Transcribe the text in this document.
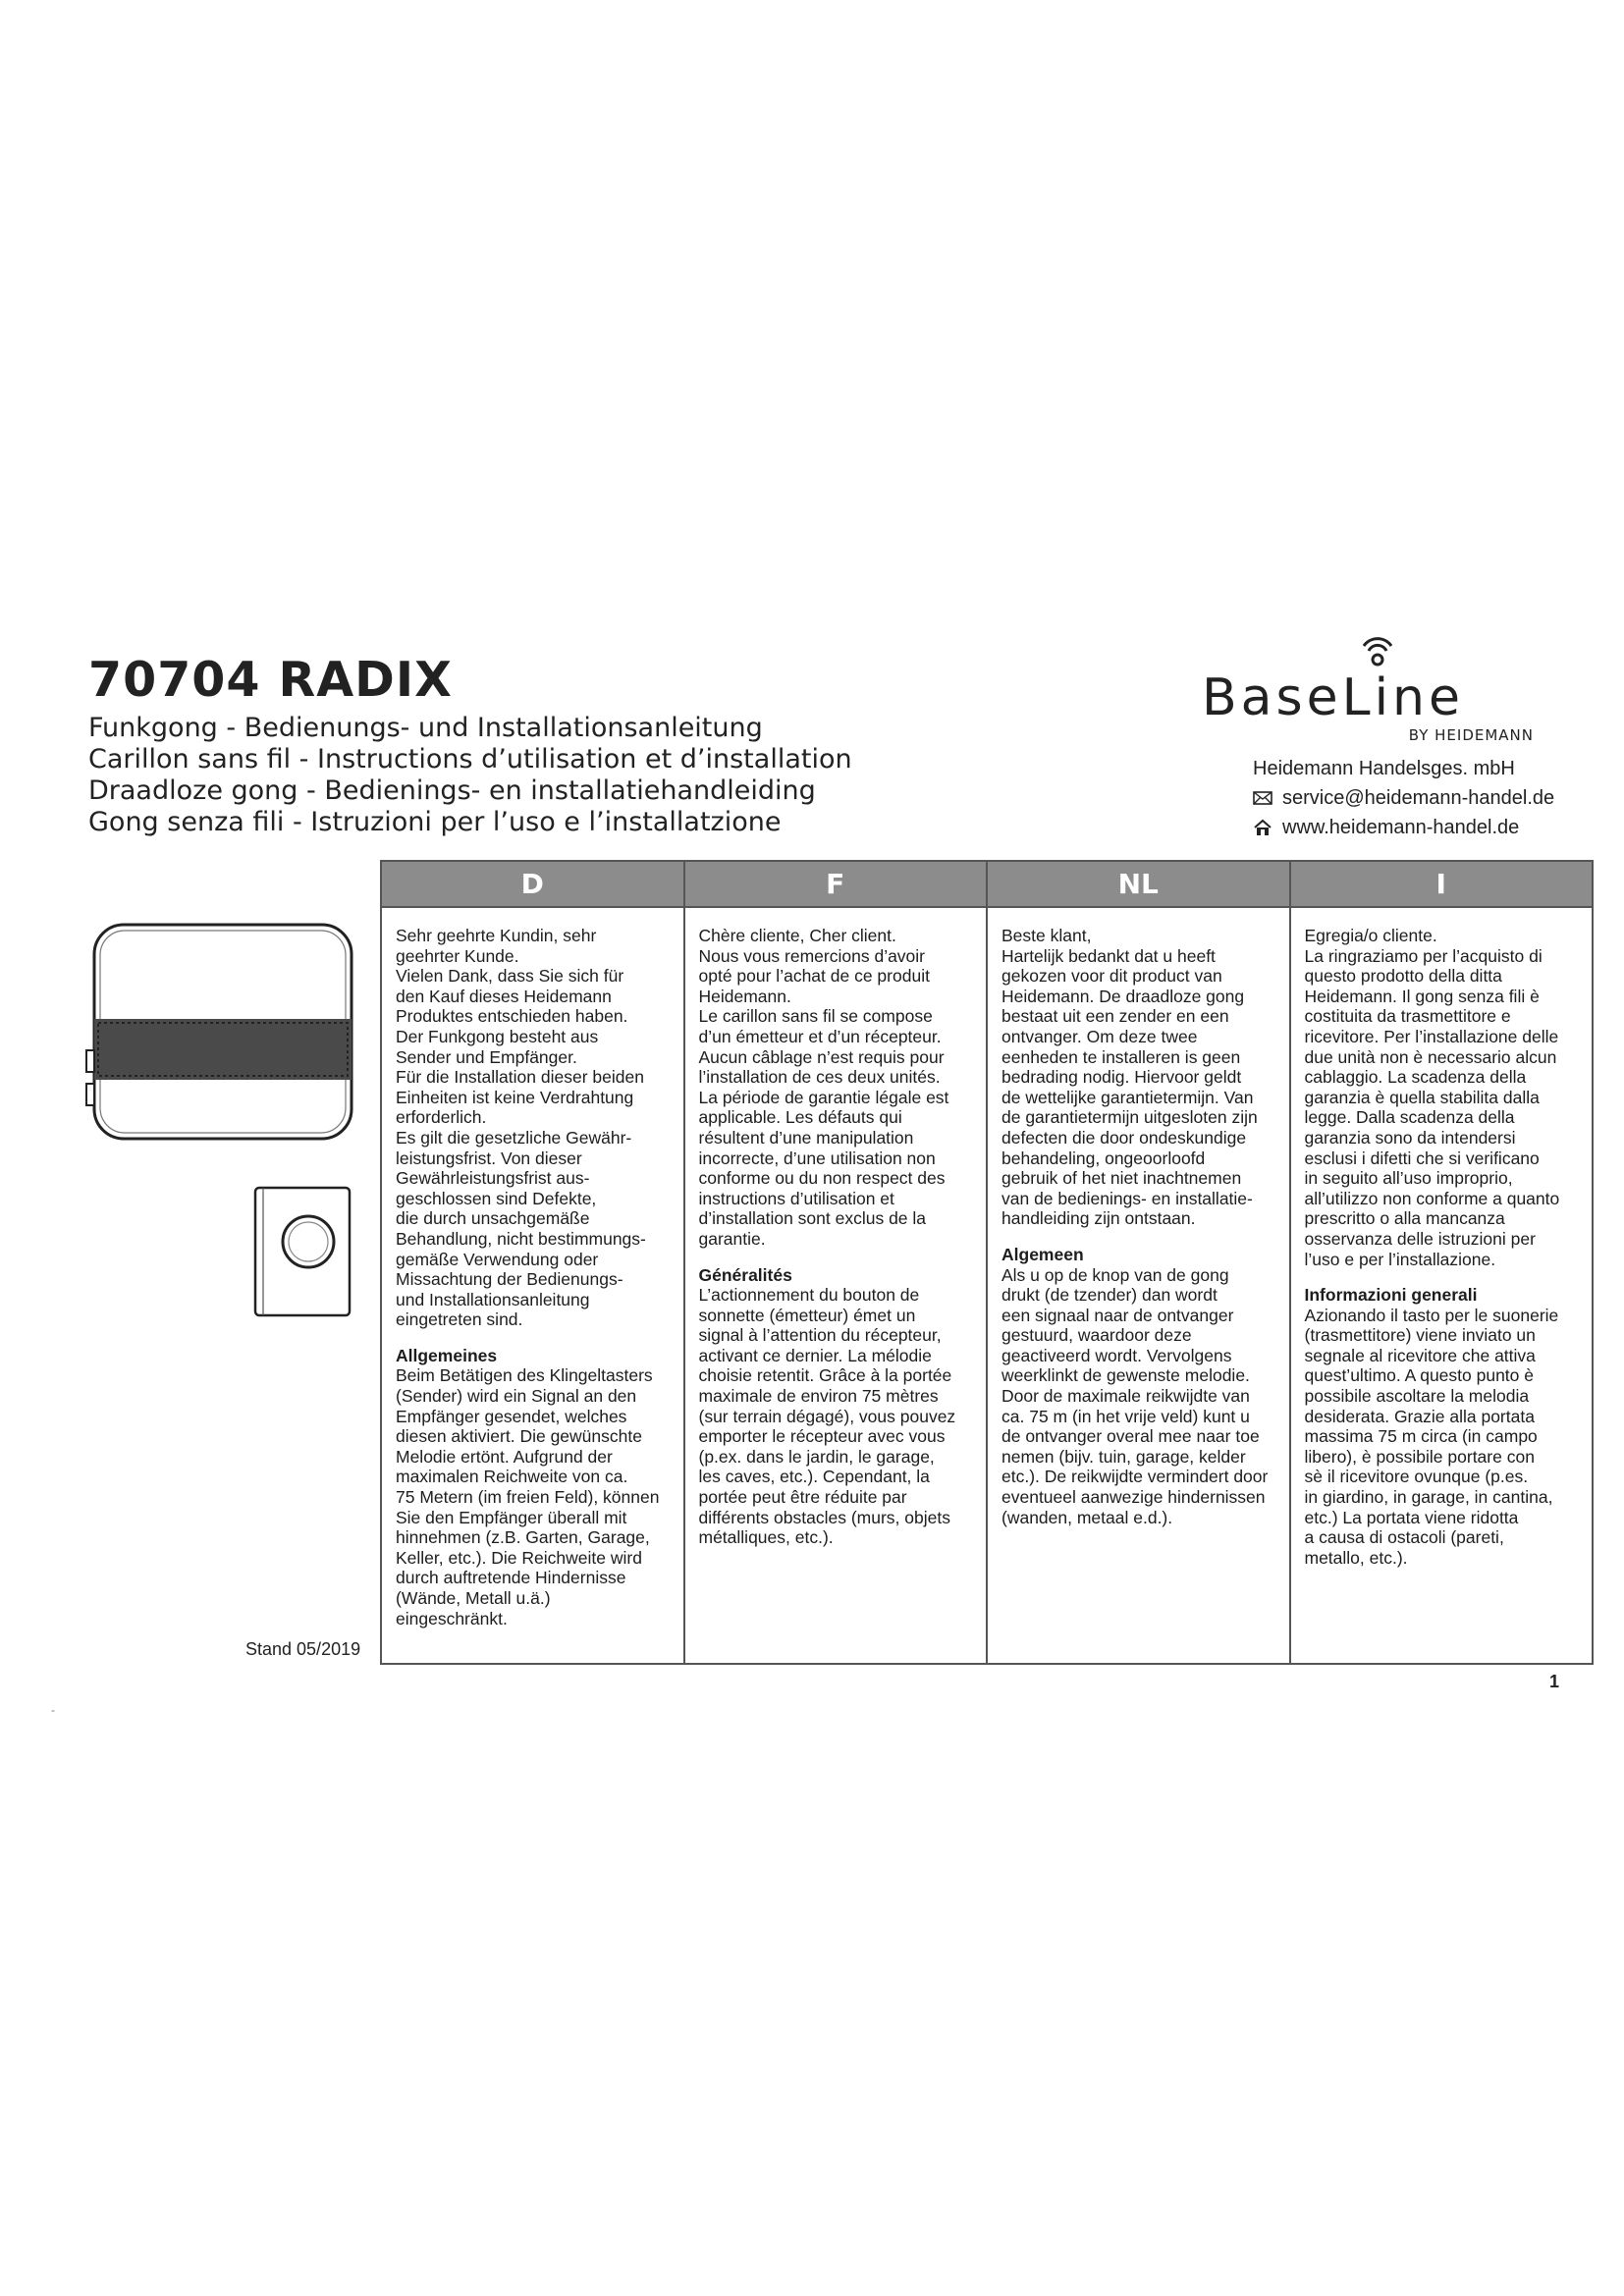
70704 RADIX
Funkgong - Bedienungs- und Installationsanleitung
Carillon sans fil - Instructions d’utilisation et d’installation
Draadloze gong - Bedienings- en installatiehandleiding
Gong senza fili - Istruzioni per l’uso e l’installatzione
BaseLine
BY HEIDEMANN
Heidemann Handelsges. mbH
service@heidemann-handel.de
www.heidemann-handel.de
D

Sehr geehrte Kundin, sehr
geehrter Kunde.
Vielen Dank, dass Sie sich für
den Kauf dieses Heidemann
Produktes entschieden haben.
Der Funkgong besteht aus
Sender und Empfänger.
Für die Installation dieser beiden
Einheiten ist keine Verdrahtung
erforderlich.
Es gilt die gesetzliche Gewähr-
leistungsfrist. Von dieser
Gewährleistungsfrist aus-
geschlossen sind Defekte,
die durch unsachgemäße
Behandlung, nicht bestimmungs-
gemäße Verwendung oder
Missachtung der Bedienungs-
und Installationsanleitung
eingetreten sind.

Allgemeines

Beim Betätigen des Klingeltasters
(Sender) wird ein Signal an den
Empfänger gesendet, welches
diesen aktiviert. Die gewünschte
Melodie ertönt. Aufgrund der
maximalen Reichweite von ca.
75 Metern (im freien Feld), können
Sie den Empfänger überall mit
hinnehmen (z.B. Garten, Garage,
Keller, etc.). Die Reichweite wird
durch auftretende Hindernisse
(Wände, Metall u.ä.)
eingeschränkt.

F

Chère cliente, Cher client.
Nous vous remercions d’avoir
opté pour l’achat de ce produit
Heidemann.
Le carillon sans fil se compose
d’un émetteur et d’un récepteur.
Aucun câblage n’est requis pour
l’installation de ces deux unités.
La période de garantie légale est
applicable. Les défauts qui
résultent d’une manipulation
incorrecte, d’une utilisation non
conforme ou du non respect des
instructions d’utilisation et
d’installation sont exclus de la
garantie.

Généralités

L’actionnement du bouton de
sonnette (émetteur) émet un
signal à l’attention du récepteur,
activant ce dernier. La mélodie
choisie retentit. Grâce à la portée
maximale de environ 75 mètres
(sur terrain dégagé), vous pouvez
emporter le récepteur avec vous
(p.ex. dans le jardin, le garage,
les caves, etc.). Cependant, la
portée peut être réduite par
différents obstacles (murs, objets
métalliques, etc.).

NL

Beste klant,
Hartelijk bedankt dat u heeft
gekozen voor dit product van
Heidemann. De draadloze gong
bestaat uit een zender en een
ontvanger. Om deze twee
eenheden te installeren is geen
bedrading nodig. Hiervoor geldt
de wettelijke garantietermijn. Van
de garantietermijn uitgesloten zijn
defecten die door ondeskundige
behandeling, ongeoorloofd
gebruik of het niet inachtnemen
van de bedienings- en installatie-
handleiding zijn ontstaan.

Algemeen

Als u op de knop van de gong
drukt (de tzender) dan wordt
een signaal naar de ontvanger
gestuurd, waardoor deze
geactiveerd wordt. Vervolgens
weerklinkt de gewenste melodie.
Door de maximale reikwijdte van
ca. 75 m (in het vrije veld) kunt u
de ontvanger overal mee naar toe
nemen (bijv. tuin, garage, kelder
etc.). De reikwijdte vermindert door
eventueel aanwezige hindernissen
(wanden, metaal e.d.).

I

Egregia/o cliente.
La ringraziamo per l’acquisto di
questo prodotto della ditta
Heidemann. Il gong senza fili è
costituita da trasmettitore e
ricevitore. Per l’installazione delle
due unità non è necessario alcun
cablaggio. La scadenza della
garanzia è quella stabilita dalla
legge. Dalla scadenza della
garanzia sono da intendersi
esclusi i difetti che si verificano
in seguito all’uso improprio,
all’utilizzo non conforme a quanto
prescritto o alla mancanza
osservanza delle istruzioni per
l’uso e per l’installazione.

Informazioni generali

Azionando il tasto per le suonerie
(trasmettitore) viene inviato un
segnale al ricevitore che attiva
quest’ultimo. A questo punto è
possibile ascoltare la melodia
desiderata. Grazie alla portata
massima 75 m circa (in campo
libero), è possibile portare con
sè il ricevitore ovunque (p.es.
in giardino, in garage, in cantina,
etc.) La portata viene ridotta
a causa di ostacoli (pareti,
metallo, etc.).

Stand 05/2019
1
-
